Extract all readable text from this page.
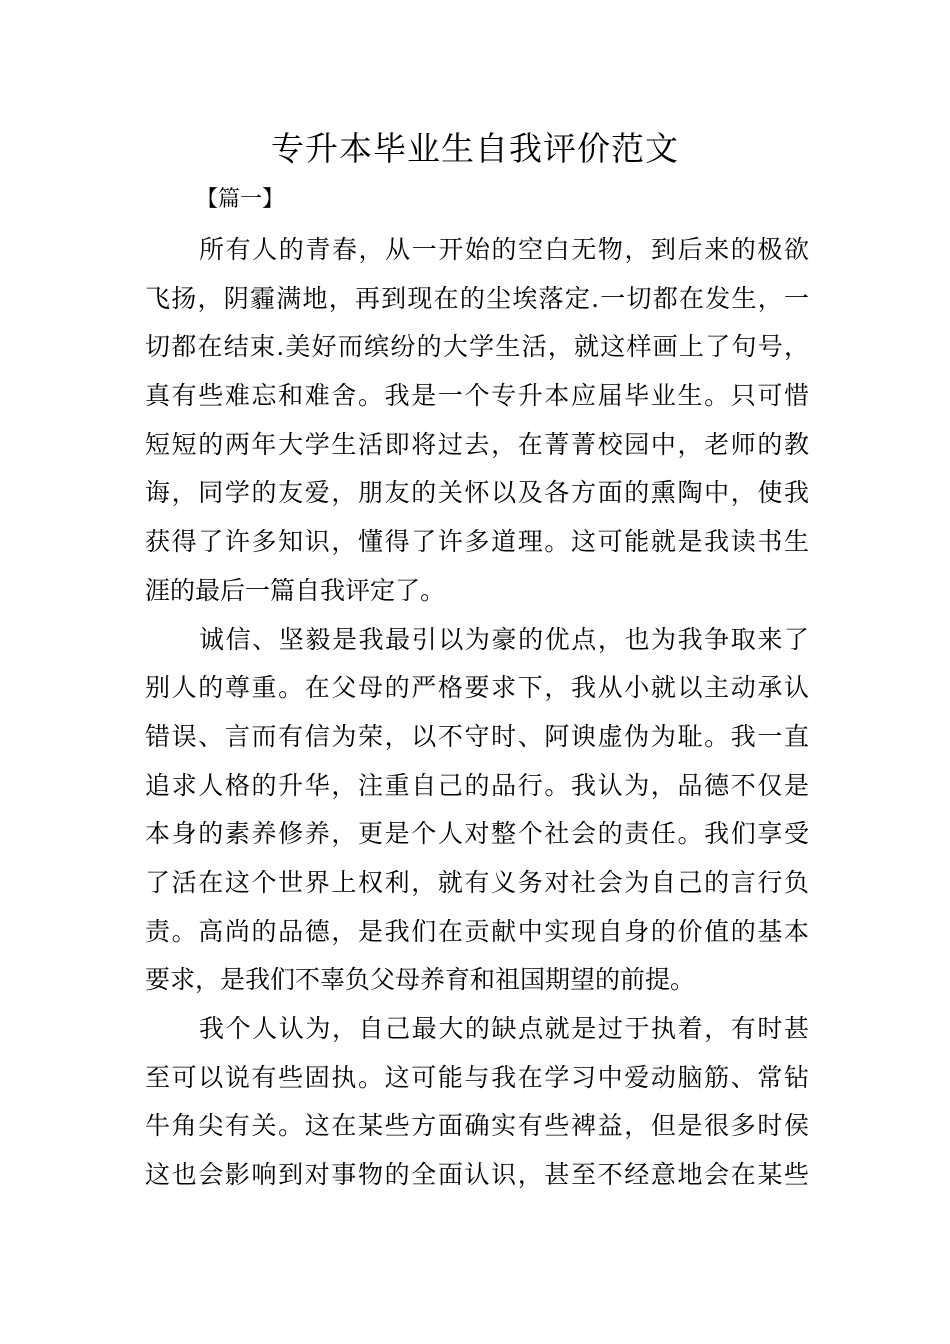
专升本毕业生自我评价范文
【篇一】
所有人的青春，从一开始的空白无物，到后来的极欲
飞扬，阴霾满地，再到现在的尘埃落定.一切都在发生，一
切都在结束.美好而缤纷的大学生活，就这样画上了句号，
真有些难忘和难舍。我是一个专升本应届毕业生。只可惜
短短的两年大学生活即将过去，在菁菁校园中，老师的教
诲，同学的友爱，朋友的关怀以及各方面的熏陶中，使我
获得了许多知识，懂得了许多道理。这可能就是我读书生
涯的最后一篇自我评定了。
诚信、坚毅是我最引以为豪的优点，也为我争取来了
别人的尊重。在父母的严格要求下，我从小就以主动承认
错误、言而有信为荣，以不守时、阿谀虚伪为耻。我一直
追求人格的升华，注重自己的品行。我认为，品德不仅是
本身的素养修养，更是个人对整个社会的责任。我们享受
了活在这个世界上权利，就有义务对社会为自己的言行负
责。高尚的品德，是我们在贡献中实现自身的价值的基本
要求，是我们不辜负父母养育和祖国期望的前提。
我个人认为，自己最大的缺点就是过于执着，有时甚
至可以说有些固执。这可能与我在学习中爱动脑筋、常钻
牛角尖有关。这在某些方面确实有些裨益，但是很多时侯
这也会影响到对事物的全面认识，甚至不经意地会在某些
